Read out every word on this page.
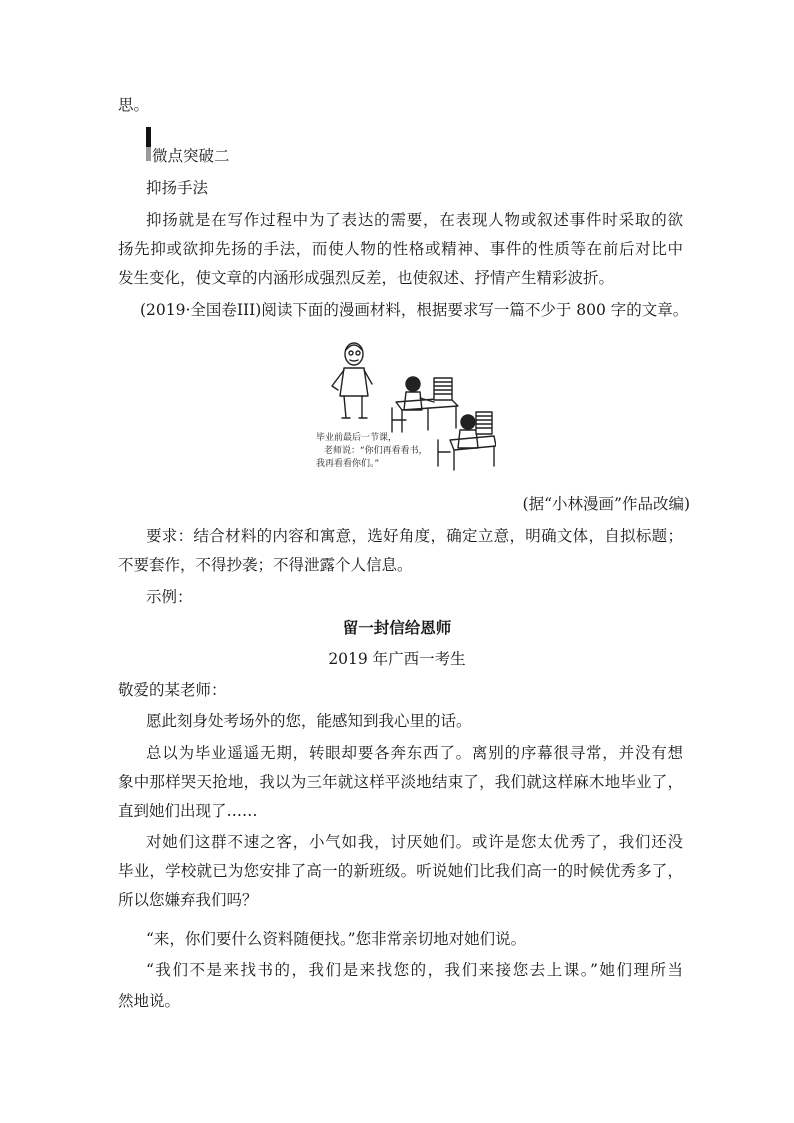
思。
微点突破二
抑扬手法
抑扬就是在写作过程中为了表达的需要，在表现人物或叙述事件时采取的欲
扬先抑或欲抑先扬的手法，而使人物的性格或精神、事件的性质等在前后对比中
发生变化，使文章的内涵形成强烈反差，也使叙述、抒情产生精彩波折。
(2019·全国卷III)阅读下面的漫画材料，根据要求写一篇不少于 800 字的文章。
毕业前最后一节课，
老师说：“你们再看看书，
我再看看你们。”
(据“小林漫画”作品改编)
要求：结合材料的内容和寓意，选好角度，确定立意，明确文体，自拟标题；
不要套作，不得抄袭；不得泄露个人信息。
示例：
留一封信给恩师
2019 年广西一考生
敬爱的某老师：
愿此刻身处考场外的您，能感知到我心里的话。
总以为毕业遥遥无期，转眼却要各奔东西了。离别的序幕很寻常，并没有想
象中那样哭天抢地，我以为三年就这样平淡地结束了，我们就这样麻木地毕业了，
直到她们出现了……
对她们这群不速之客，小气如我，讨厌她们。或许是您太优秀了，我们还没
毕业，学校就已为您安排了高一的新班级。听说她们比我们高一的时候优秀多了，
所以您嫌弃我们吗？
“来，你们要什么资料随便找。”您非常亲切地对她们说。
“我们不是来找书的，我们是来找您的，我们来接您去上课。”她们理所当
然地说。
